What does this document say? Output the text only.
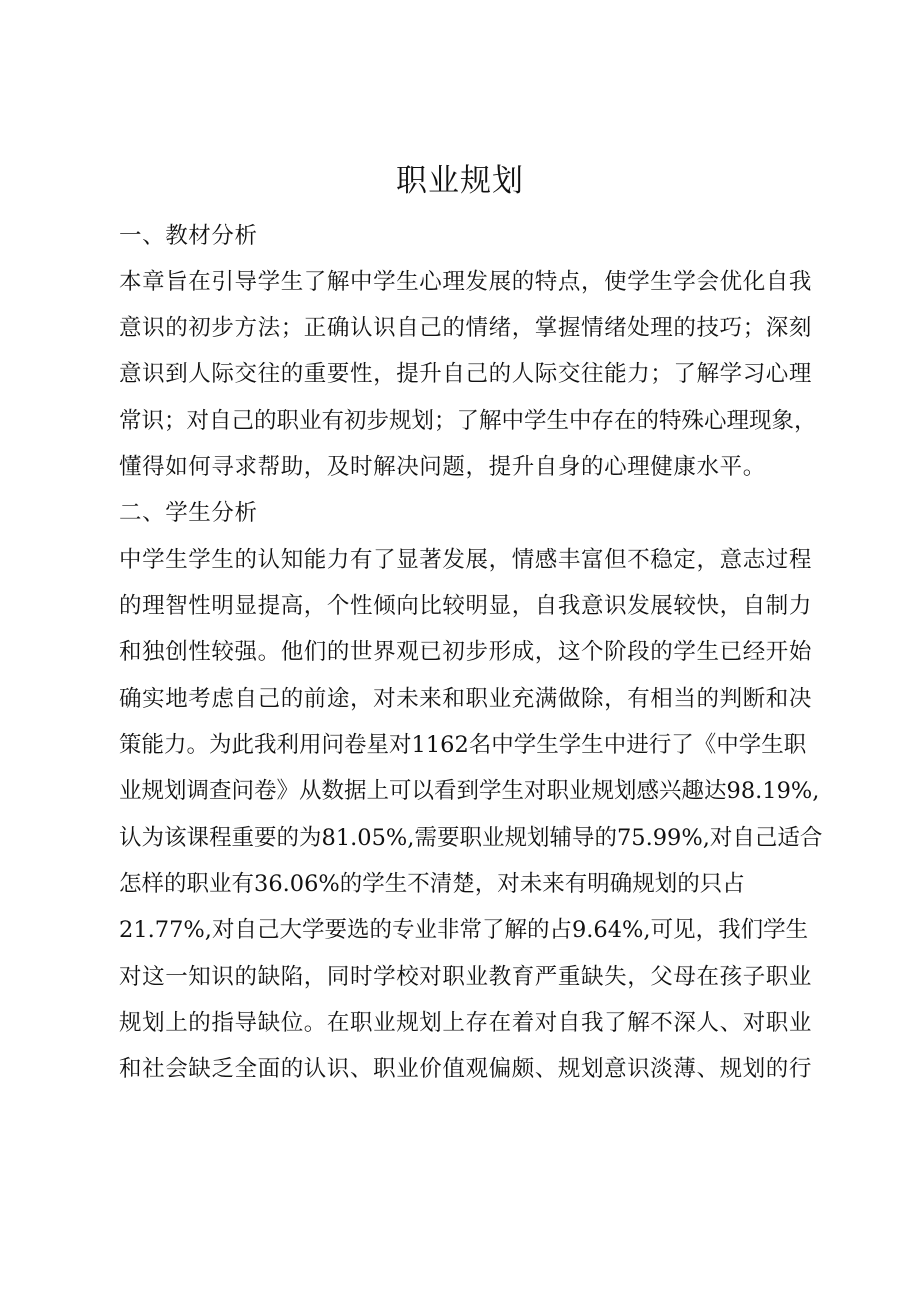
职业规划
一、教材分析
本章旨在引导学生了解中学生心理发展的特点，使学生学会优化自我
意识的初步方法；正确认识自己的情绪，掌握情绪处理的技巧；深刻
意识到人际交往的重要性，提升自己的人际交往能力；了解学习心理
常识；对自己的职业有初步规划；了解中学生中存在的特殊心理现象，
懂得如何寻求帮助，及时解决问题，提升自身的心理健康水平。
二、学生分析
中学生学生的认知能力有了显著发展，情感丰富但不稳定，意志过程
的理智性明显提高，个性倾向比较明显，自我意识发展较快，自制力
和独创性较强。他们的世界观已初步形成，这个阶段的学生已经开始
确实地考虑自己的前途，对未来和职业充满做除，有相当的判断和决
策能力。为此我利用问卷星对1162名中学生学生中进行了《中学生职
业规划调查问卷》从数据上可以看到学生对职业规划感兴趣达98.19%,
认为该课程重要的为81.05%,需要职业规划辅导的75.99%,对自己适合
怎样的职业有36.06%的学生不清楚，对未来有明确规划的只占
21.77%,对自己大学要选的专业非常了解的占9.64%,可见，我们学生
对这一知识的缺陷，同时学校对职业教育严重缺失，父母在孩子职业
规划上的指导缺位。在职业规划上存在着对自我了解不深人、对职业
和社会缺乏全面的认识、职业价值观偏颇、规划意识淡薄、规划的行
